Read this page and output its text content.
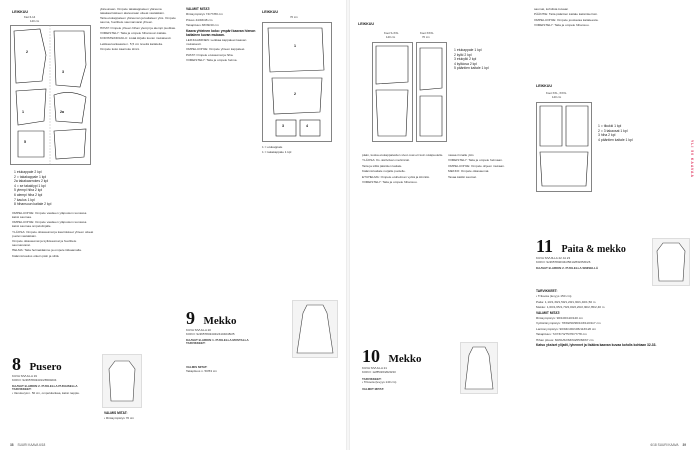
LEIKKUU
Kiet 6-14
140 cm
2
3
1	2a
5
1 etukappale 2 kpl
2 = takakappale 1 kpl
2a takakaarrokes 2 kpl
4 = se takaklypi 1 kpl
5 ylempi hiha 2 kpl
6 alempi hiha 2 kpl
7 kaulus 1 kpl
8 hihansuun kaitale 2 kpl

OMPELUOHJE: Ompele vaatteen yläpuolen reunassa kaksi saumaa.

OMPELUOHJE: Ompele vaatteen yläpuolen reunassa kaksi saumaa ompelulinjalle.

YLÄOSA: Ompele olkasaumat ja kaarrokkeet yhteen oikeat puolet vastakkain.

Ompele olkasaumat ja kylkisaumat ja huolittele saumanvarat.

HELMA: Taita helmakäänne ja ompele tikkaamalla.

Käännä kaulus oikein päin ja silitä.

8 Pusero
KUVA SIVULLA 19
KOKO: 9x3657843431/26500234
KAAVAT B-ARKIN 2. PUOLELLA PUNAISELLA
TARVIKKEET:
• Vanulevyä n. 50 cm, ompelulankaa, kaksi nappia.

VALMIS MITAT:

• Rintaympärys 70 cm

yläreunaan. Ompele takakappaleen yläreuna takakaarrokkeen alareunaan oikeat vastakkain.

Taita etukappaleen yläreunan ja kaitaleen ylös. Ompele sauma, huolittele saumanvarat yhteen.

HIHAT: Ompele yhteen hihan ylempi ja alempi puolikas.

VIIMEISTELY: Taita ja ompele hihansuun kaitale.

KORISTEKIRJAILU: Lisää kirjailu kuvan mukaisesti.

Leikkaa kankaasta n. 5,5 cm leveitä kaitaleita.

Ompele koko kaarroke kiinni.

VALMIIT MITAT:

Rintaympärys 74/77/80 cm

Pituus 44/46/48 cm

Takapituus 38/39/40 cm

Kaava yhteinen koko: ympäri kaavan hienon kaitaleen kuvan mukaan.

LEIKKAAMINEN: Leikkaa kappaleet kaavan mukaisesti.

OMPELUOHJE: Ompele yhteen kappaleet.

PATAT: Ompele etusaumat ja hiha.

VIIMEISTELY: Taita ja ompele helma.

LEIKKUU
70 cm
1
2
3	4

1 = etukappale

1 = takakappale 1 kpl

9 Mekko
KUVA SIVULLA 20
KOKO: 9x3657843434/24104048/25
KAAVAT B-ARKIN 1. PUOLELLA MUSTALLA
TARVIKKEET:
VALMIS MITAT:
Takapituus n. 50/53 cm
38 SUURI KAAVA 6/18
LEIKKUU
Koot S-XXL	Koot XXXL
140 cm	70 cm
1 etukappale 1 kpl
2 kylki 2 kpl
3 etukylki 2 kpl
4 kylkiosa 2 kpl
5 pääntien kaitale 1 kpl

pään, koska etukappaleiden sivut ovat eri kuin sisäpuolelle.

YLÄOSA: Ks. ääriviivan merkinnät.

Taita ja silitä pääntien kaitale.

Käännä kaitale nurjalle puolelle.

ETUHELMA: Ompele etuhelman vyötä ja kiinnitä.

VIIMEISTELY: Taita ja ompele hihansuu.

nasaa rinnalle ylös

VIIMEISTELY: Taita ja ompele helmaan.

OMPELUOHJE: Ompele ohjeen mukaan.

MEKKO: Ompele olkasaumat.

Tasaa kaikki saumat.

saumat, kohdista kuvaan

PÄÄNTIE: Taita pääntien kaitale kaksinkerroin.

OMPELUOHJE: Ompele joustavaa kaitaleesta.

VIIMEISTELY: Taita ja ompele hihansuu.

LEIKKUU
Koot XXL, XXXL
140 cm
1 = tikukki 1 kpl
2 = 3 takaosat 1 kpl
3 hiha 2 kpl
4 pääntien kaitale 1 kpl
11 Paita & mekko
KUVA SIVUILLA 22 JA 23
KOKO: 9x3657840/34/25614/8/0/25/0/26
KAAVAT B-ARKIN 2. PUOLELLA SINISELLÄ

TARVIKKEET:

• Trikoota (levyys 150 cm)

Paita: 1,10/1,30/1,50/1,20/1,30/1,40/1,50 m

Mekko: 1,60/1,65/1,70/2,00/2,20/2,30/2,35/2,40 m

VALMIIT MITAT:

Rintaympärys: 90/100/110/120 cm

Vyötärönympärys: 78/82/90/96/103/110/117 cm

Lantionympärys: 90/94/100/106/113/120 cm

Takapituus: 72/73/74/75/76/77/78 cm

Hihan pituus: 60/61/62/63/64/65/66/67 cm

Katso yksiset ylijatit, lyhennet ja lisääva kaavan kuvaa kohdis kohtaan 32-33.

10 Mekko
KUVA SIVULLA 21
KOKO: 12/85/26/2020/43
TARVIKKEET:
• Trikoota (levyys 140 cm)
VALMIIT MITAT:
YLI 50 KAAVAA
6/18 SUURI KAAVA 39
